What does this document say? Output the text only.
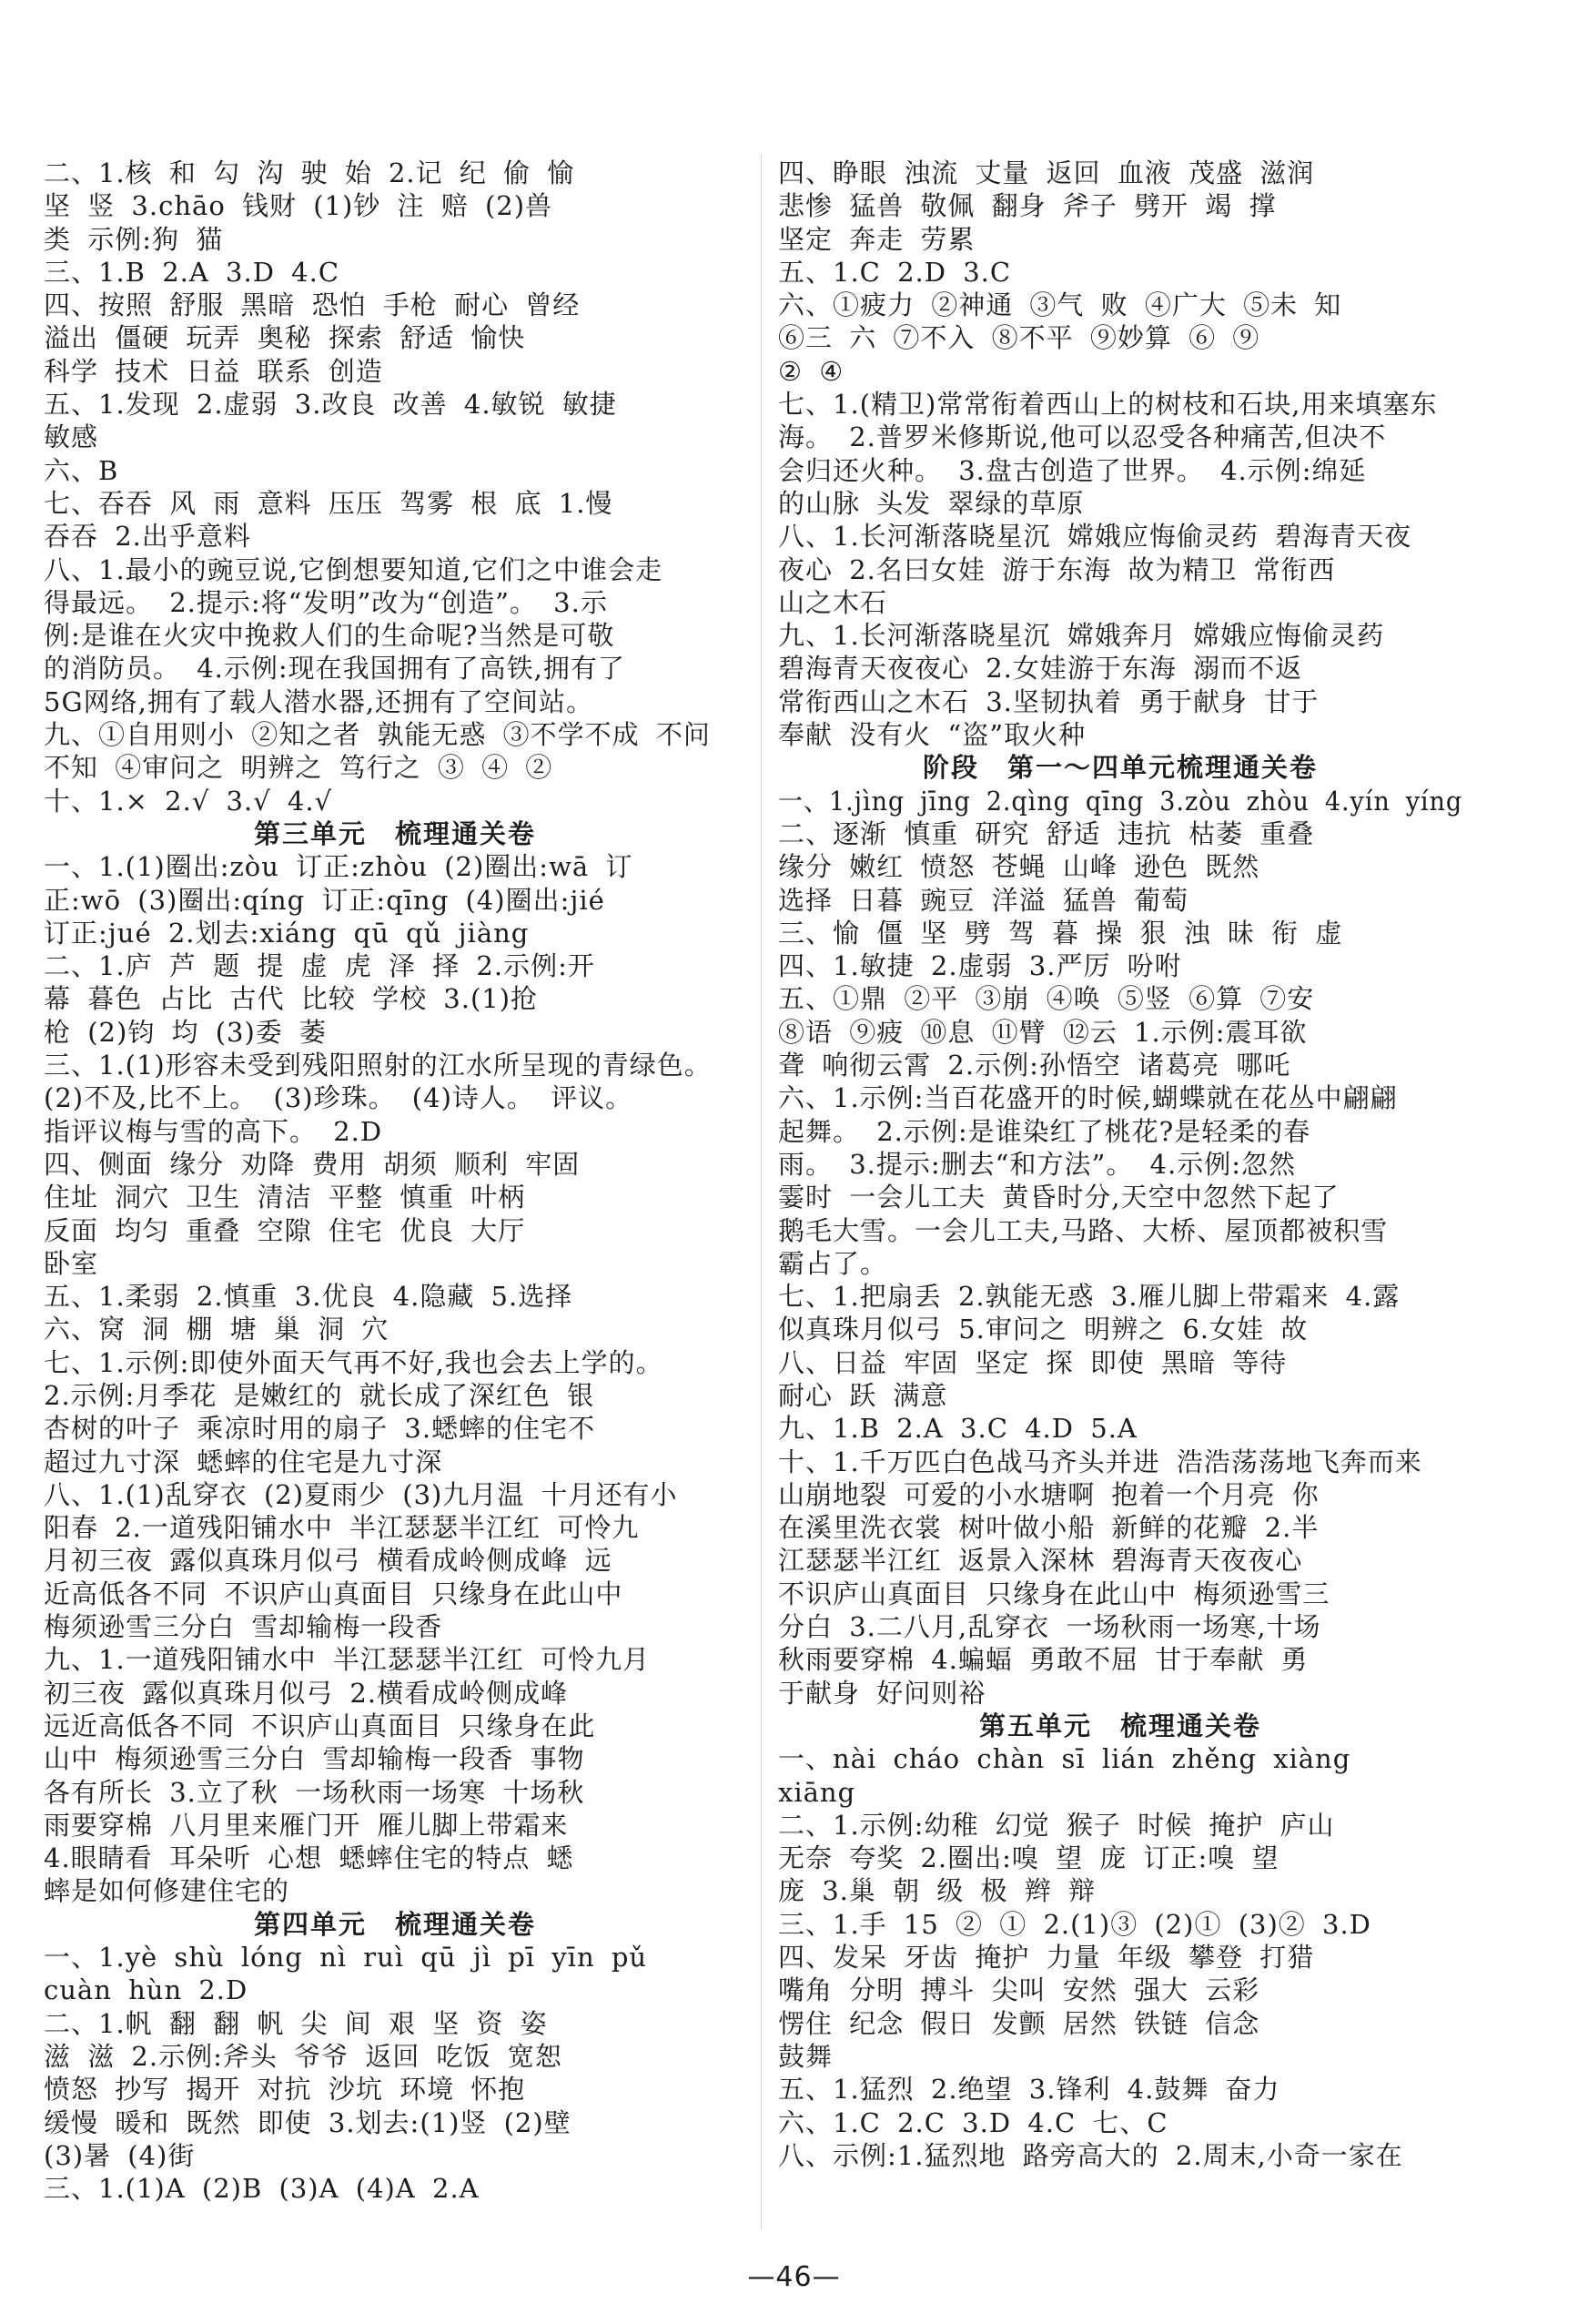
二、1.核 和 勾 沟 驶 始 2.记 纪 偷 愉
坚 竖 3.chāo 钱财 (1)钞 注 赔 (2)兽
类 示例:狗 猫
三、1.B 2.A 3.D 4.C
四、按照 舒服 黑暗 恐怕 手枪 耐心 曾经
溢出 僵硬 玩弄 奥秘 探索 舒适 愉快
科学 技术 日益 联系 创造
五、1.发现 2.虚弱 3.改良 改善 4.敏锐 敏捷
敏感
六、B
七、吞吞 风 雨 意料 压压 驾雾 根 底 1.慢
吞吞 2.出乎意料
八、1.最小的豌豆说,它倒想要知道,它们之中谁会走
得最远。 2.提示:将“发明”改为“创造”。 3.示
例:是谁在火灾中挽救人们的生命呢?当然是可敬
的消防员。 4.示例:现在我国拥有了高铁,拥有了
5G网络,拥有了载人潜水器,还拥有了空间站。
九、①自用则小 ②知之者 孰能无惑 ③不学不成 不问
不知 ④审问之 明辨之 笃行之 ③ ④ ②
十、1.× 2.√ 3.√ 4.√
第三单元　梳理通关卷
一、1.(1)圈出:zòu 订正:zhòu (2)圈出:wā 订
正:wō (3)圈出:qíng 订正:qīng (4)圈出:jié
订正:jué 2.划去:xiáng qū qǔ jiàng
二、1.庐 芦 题 提 虚 虎 泽 择 2.示例:开
幕 暮色 占比 古代 比较 学校 3.(1)抢
枪 (2)钧 均 (3)委 萎
三、1.(1)形容未受到残阳照射的江水所呈现的青绿色。
(2)不及,比不上。 (3)珍珠。 (4)诗人。 评议。
指评议梅与雪的高下。 2.D
四、侧面 缘分 劝降 费用 胡须 顺利 牢固
住址 洞穴 卫生 清洁 平整 慎重 叶柄
反面 均匀 重叠 空隙 住宅 优良 大厅
卧室
五、1.柔弱 2.慎重 3.优良 4.隐藏 5.选择
六、窝 洞 棚 塘 巢 洞 穴
七、1.示例:即使外面天气再不好,我也会去上学的。
2.示例:月季花 是嫩红的 就长成了深红色 银
杏树的叶子 乘凉时用的扇子 3.蟋蟀的住宅不
超过九寸深 蟋蟀的住宅是九寸深
八、1.(1)乱穿衣 (2)夏雨少 (3)九月温 十月还有小
阳春 2.一道残阳铺水中 半江瑟瑟半江红 可怜九
月初三夜 露似真珠月似弓 横看成岭侧成峰 远
近高低各不同 不识庐山真面目 只缘身在此山中
梅须逊雪三分白 雪却输梅一段香
九、1.一道残阳铺水中 半江瑟瑟半江红 可怜九月
初三夜 露似真珠月似弓 2.横看成岭侧成峰
远近高低各不同 不识庐山真面目 只缘身在此
山中 梅须逊雪三分白 雪却输梅一段香 事物
各有所长 3.立了秋 一场秋雨一场寒 十场秋
雨要穿棉 八月里来雁门开 雁儿脚上带霜来
4.眼睛看 耳朵听 心想 蟋蟀住宅的特点 蟋
蟀是如何修建住宅的
第四单元　梳理通关卷
一、1.yè shù lóng nì ruì qū jì pī yīn pǔ
cuàn hùn 2.D
二、1.帆 翻 翻 帆 尖 间 艰 坚 资 姿
滋 滋 2.示例:斧头 爷爷 返回 吃饭 宽恕
愤怒 抄写 揭开 对抗 沙坑 环境 怀抱
缓慢 暖和 既然 即使 3.划去:(1)竖 (2)壁
(3)暑 (4)街
三、1.(1)A (2)B (3)A (4)A 2.A
四、睁眼 浊流 丈量 返回 血液 茂盛 滋润
悲惨 猛兽 敬佩 翻身 斧子 劈开 竭 撑
坚定 奔走 劳累
五、1.C 2.D 3.C
六、①疲力 ②神通 ③气 败 ④广大 ⑤未 知
⑥三 六 ⑦不入 ⑧不平 ⑨妙算 ⑥ ⑨
② ④
七、1.(精卫)常常衔着西山上的树枝和石块,用来填塞东
海。 2.普罗米修斯说,他可以忍受各种痛苦,但决不
会归还火种。 3.盘古创造了世界。 4.示例:绵延
的山脉 头发 翠绿的草原
八、1.长河渐落晓星沉 嫦娥应悔偷灵药 碧海青天夜
夜心 2.名曰女娃 游于东海 故为精卫 常衔西
山之木石
九、1.长河渐落晓星沉 嫦娥奔月 嫦娥应悔偷灵药
碧海青天夜夜心 2.女娃游于东海 溺而不返
常衔西山之木石 3.坚韧执着 勇于献身 甘于
奉献 没有火 “盗”取火种
阶段　第一～四单元梳理通关卷
一、1.jìng jīng 2.qìng qīng 3.zòu zhòu 4.yín yíng
二、逐渐 慎重 研究 舒适 违抗 枯萎 重叠
缘分 嫩红 愤怒 苍蝇 山峰 逊色 既然
选择 日暮 豌豆 洋溢 猛兽 葡萄
三、愉 僵 坚 劈 驾 暮 操 狠 浊 昧 衔 虚
四、1.敏捷 2.虚弱 3.严厉 吩咐
五、①鼎 ②平 ③崩 ④唤 ⑤竖 ⑥算 ⑦安
⑧语 ⑨疲 ⑩息 ⑪臂 ⑫云 1.示例:震耳欲
聋 响彻云霄 2.示例:孙悟空 诸葛亮 哪吒
六、1.示例:当百花盛开的时候,蝴蝶就在花丛中翩翩
起舞。 2.示例:是谁染红了桃花?是轻柔的春
雨。 3.提示:删去“和方法”。 4.示例:忽然
霎时 一会儿工夫 黄昏时分,天空中忽然下起了
鹅毛大雪。一会儿工夫,马路、大桥、屋顶都被积雪
霸占了。
七、1.把扇丢 2.孰能无惑 3.雁儿脚上带霜来 4.露
似真珠月似弓 5.审问之 明辨之 6.女娃 故
八、日益 牢固 坚定 探 即使 黑暗 等待
耐心 跃 满意
九、1.B 2.A 3.C 4.D 5.A
十、1.千万匹白色战马齐头并进 浩浩荡荡地飞奔而来
山崩地裂 可爱的小水塘啊 抱着一个月亮 你
在溪里洗衣裳 树叶做小船 新鲜的花瓣 2.半
江瑟瑟半江红 返景入深林 碧海青天夜夜心
不识庐山真面目 只缘身在此山中 梅须逊雪三
分白 3.二八月,乱穿衣 一场秋雨一场寒,十场
秋雨要穿棉 4.蝙蝠 勇敢不屈 甘于奉献 勇
于献身 好问则裕
第五单元　梳理通关卷
一、nài cháo chàn sī lián zhěng xiàng
xiāng
二、1.示例:幼稚 幻觉 猴子 时候 掩护 庐山
无奈 夸奖 2.圈出:嗅 望 庞 订正:嗅 望
庞 3.巢 朝 级 极 辫 辩
三、1.手 15 ② ① 2.(1)③ (2)① (3)② 3.D
四、发呆 牙齿 掩护 力量 年级 攀登 打猎
嘴角 分明 搏斗 尖叫 安然 强大 云彩
愣住 纪念 假日 发颤 居然 铁链 信念
鼓舞
五、1.猛烈 2.绝望 3.锋利 4.鼓舞 奋力
六、1.C 2.C 3.D 4.C 七、C
八、示例:1.猛烈地 路旁高大的 2.周末,小奇一家在
—46—
